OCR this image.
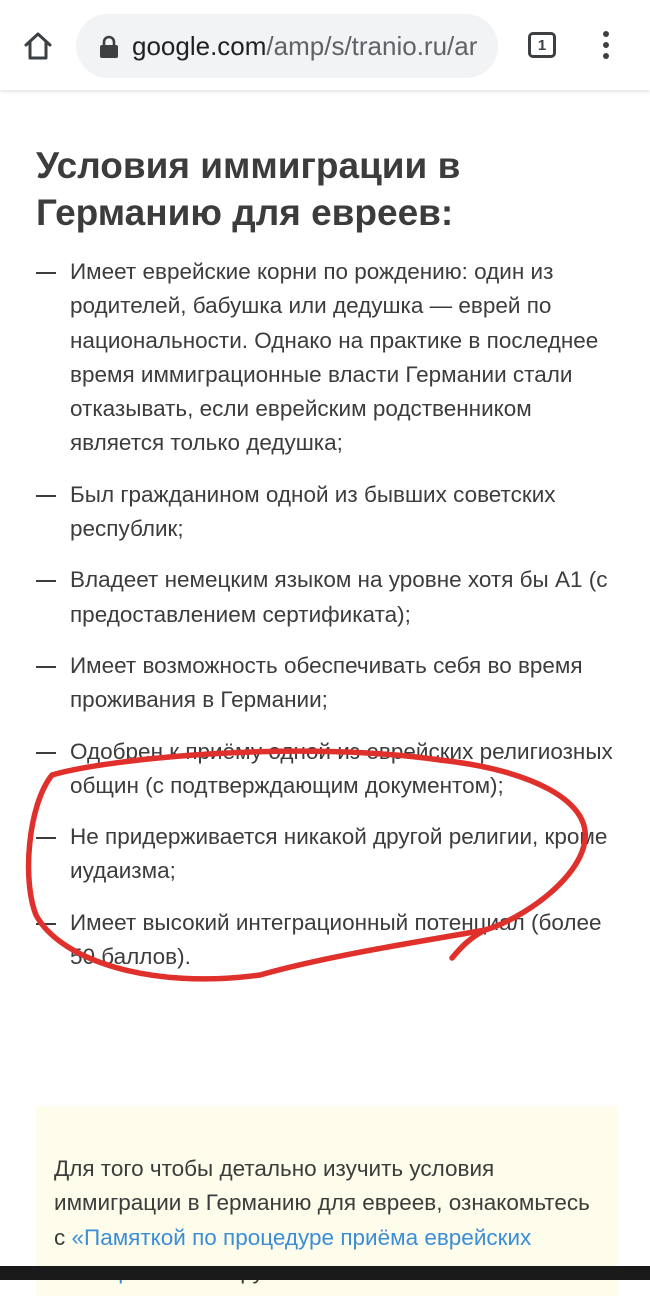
google.com/amp/s/tranio.ru/ar	1
Условия иммиграции в Германию для евреев:
Имеет еврейские корни по рождению: один из родителей, бабушка или дедушка — еврей по национальности. Однако на практике в последнее время иммиграционные власти Германии стали отказывать, если еврейским родственником является только дедушка;
Был гражданином одной из бывших советских республик;
Владеет немецким языком на уровне хотя бы А1 (с предоставлением сертификата);
Имеет возможность обеспечивать себя во время проживания в Германии;
Одобрен к приёму одной из еврейских религиозных общин (с подтверждающим документом);
Не придерживается никакой другой религии, кроме иудаизма;
Имеет высокий интеграционный потенциал (более 50 баллов).
Для того чтобы детально изучить условия иммиграции в Германию для евреев, ознакомьтесь с «Памяткой по процедуре приёма еврейских
